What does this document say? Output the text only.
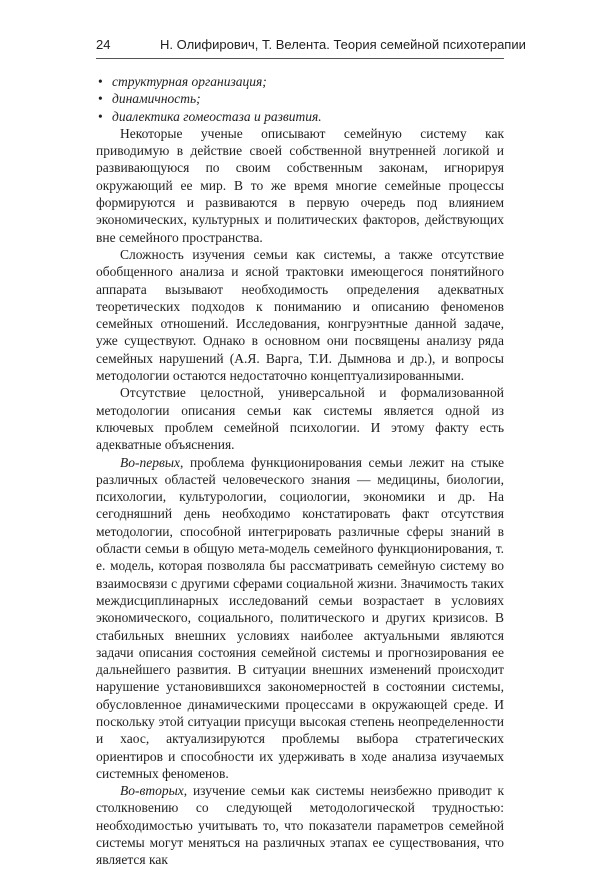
24	Н. Олифирович, Т. Велента. Теория семейной психотерапии
• структурная организация;
• динамичность;
• диалектика гомеостаза и развития.

Некоторые ученые описывают семейную систему как приводимую в действие своей собственной внутренней логикой и развивающуюся по своим собственным законам, игнорируя окружающий ее мир. В то же время многие семейные процессы формируются и развиваются в первую очередь под влиянием экономических, культурных и политических факторов, действующих вне семейного пространства.

Сложность изучения семьи как системы, а также отсутствие обобщенного анализа и ясной трактовки имеющегося понятийного аппарата вызывают необходимость определения адекватных теоретических подходов к пониманию и описанию феноменов семейных отношений. Исследования, конгруэнтные данной задаче, уже существуют. Однако в основном они посвящены анализу ряда семейных нарушений (А.Я. Варга, Т.И. Дымнова и др.), и вопросы методологии остаются недостаточно концептуализированными.

Отсутствие целостной, универсальной и формализованной методологии описания семьи как системы является одной из ключевых проблем семейной психологии. И этому факту есть адекватные объяснения.

Во-первых, проблема функционирования семьи лежит на стыке различных областей человеческого знания — медицины, биологии, психологии, культурологии, социологии, экономики и др. На сегодняшний день необходимо констатировать факт отсутствия методологии, способной интегрировать различные сферы знаний в области семьи в общую мета-модель семейного функционирования, т. е. модель, которая позволяла бы рассматривать семейную систему во взаимосвязи с другими сферами социальной жизни. Значимость таких междисциплинарных исследований семьи возрастает в условиях экономического, социального, политического и других кризисов. В стабильных внешних условиях наиболее актуальными являются задачи описания состояния семейной системы и прогнозирования ее дальнейшего развития. В ситуации внешних изменений происходит нарушение установившихся закономерностей в состоянии системы, обусловленное динамическими процессами в окружающей среде. И поскольку этой ситуации присущи высокая степень неопределенности и хаос, актуализируются проблемы выбора стратегических ориентиров и способности их удерживать в ходе анализа изучаемых системных феноменов.

Во-вторых, изучение семьи как системы неизбежно приводит к столкновению со следующей методологической трудностью: необходимостью учитывать то, что показатели параметров семейной системы могут меняться на различных этапах ее существования, что является как
